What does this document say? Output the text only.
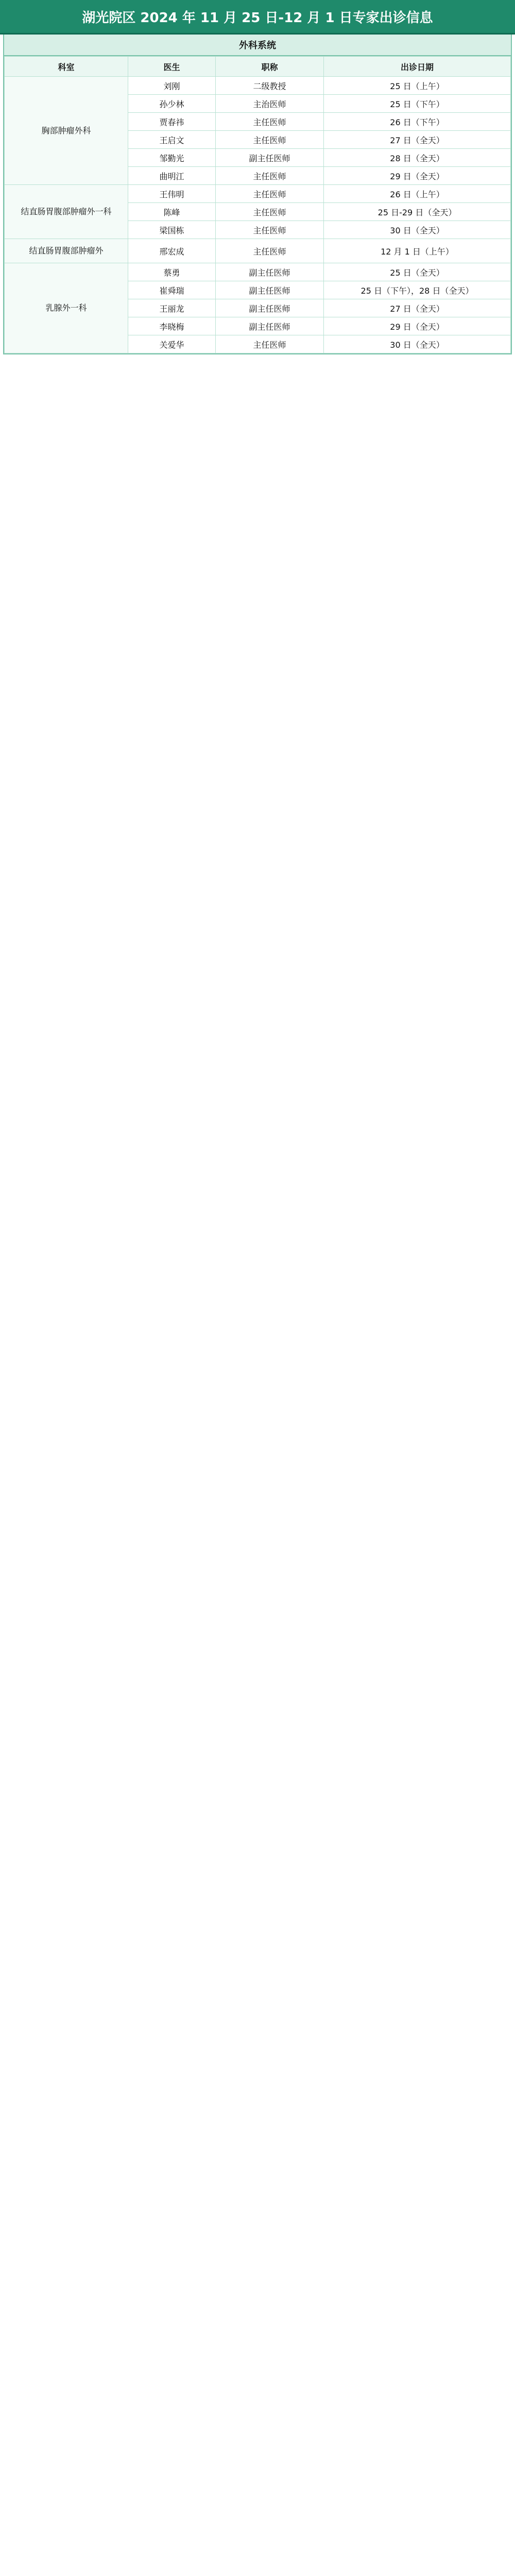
湖光院区 2024 年 11 月 25 日-12 月 1 日专家出诊信息
外科系统
科室	医生	职称	出诊日期
胸部肿瘤外科	刘刚	二级教授	25 日（上午）
	孙少林	主治医师	25 日（下午）
	贾春祎	主任医师	26 日（下午）
	王启文	主任医师	27 日（全天）
	邹勤光	副主任医师	28 日（全天）
	曲明江	主任医师	29 日（全天）
结直肠胃腹部肿瘤外一科	王伟明	主任医师	26 日（上午）
	陈峰	主任医师	25 日-29 日（全天）
	梁国栋	主任医师	30 日（全天）
结直肠胃腹部肿瘤外	邢宏成	主任医师	12 月 1 日（上午）
乳腺外一科	蔡勇	副主任医师	25 日（全天）
	崔舜瑞	副主任医师	25 日（下午），28 日（全天）
	王丽龙	副主任医师	27 日（全天）
	李晓梅	副主任医师	29 日（全天）
	关爱华	主任医师	30 日（全天）
